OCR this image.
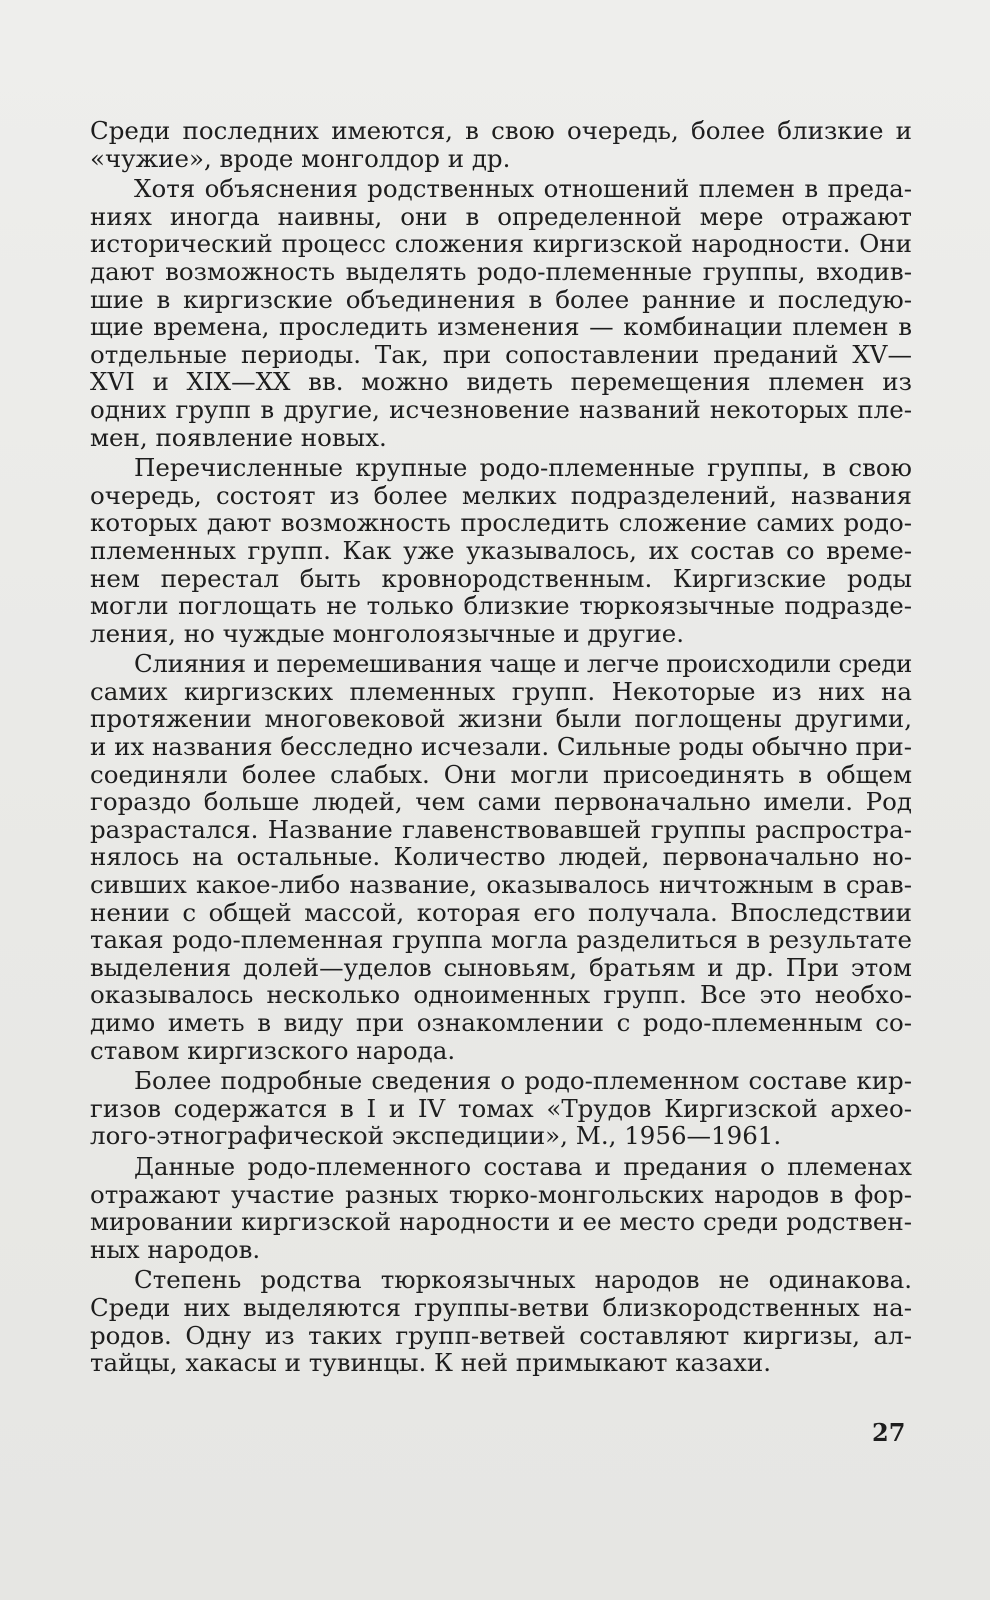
Среди последних имеются, в свою очередь, более близкие и
«чужие», вроде монголдор и др.

Хотя объяснения родственных отношений племен в преда-
ниях иногда наивны, они в определенной мере отражают
исторический процесс сложения киргизской народности. Они
дают возможность выделять родо-племенные группы, входив-
шие в киргизские объединения в более ранние и последую-
щие времена, проследить изменения — комбинации племен в
отдельные периоды. Так, при сопоставлении преданий XV—
XVI и XIX—XX вв. можно видеть перемещения племен из
одних групп в другие, исчезновение названий некоторых пле-
мен, появление новых.

Перечисленные крупные родо-племенные группы, в свою
очередь, состоят из более мелких подразделений, названия
которых дают возможность проследить сложение самих родо-
племенных групп. Как уже указывалось, их состав со време-
нем перестал быть кровнородственным. Киргизские роды
могли поглощать не только близкие тюркоязычные подразде-
ления, но чуждые монголоязычные и другие.

Слияния и перемешивания чаще и легче происходили среди
самих киргизских племенных групп. Некоторые из них на
протяжении многовековой жизни были поглощены другими,
и их названия бесследно исчезали. Сильные роды обычно при-
соединяли более слабых. Они могли присоединять в общем
гораздо больше людей, чем сами первоначально имели. Род
разрастался. Название главенствовавшей группы распростра-
нялось на остальные. Количество людей, первоначально но-
сивших какое-либо название, оказывалось ничтожным в срав-
нении с общей массой, которая его получала. Впоследствии
такая родо-племенная группа могла разделиться в результате
выделения долей—уделов сыновьям, братьям и др. При этом
оказывалось несколько одноименных групп. Все это необхо-
димо иметь в виду при ознакомлении с родо-племенным со-
ставом киргизского народа.

Более подробные сведения о родо-племенном составе кир-
гизов содержатся в I и IV томах «Трудов Киргизской архео-
лого-этнографической экспедиции», М., 1956—1961.

Данные родо-племенного состава и предания о племенах
отражают участие разных тюрко-монгольских народов в фор-
мировании киргизской народности и ее место среди родствен-
ных народов.

Степень родства тюркоязычных народов не одинакова.
Среди них выделяются группы-ветви близкородственных на-
родов. Одну из таких групп-ветвей составляют киргизы, ал-
тайцы, хакасы и тувинцы. К ней примыкают казахи.

27
